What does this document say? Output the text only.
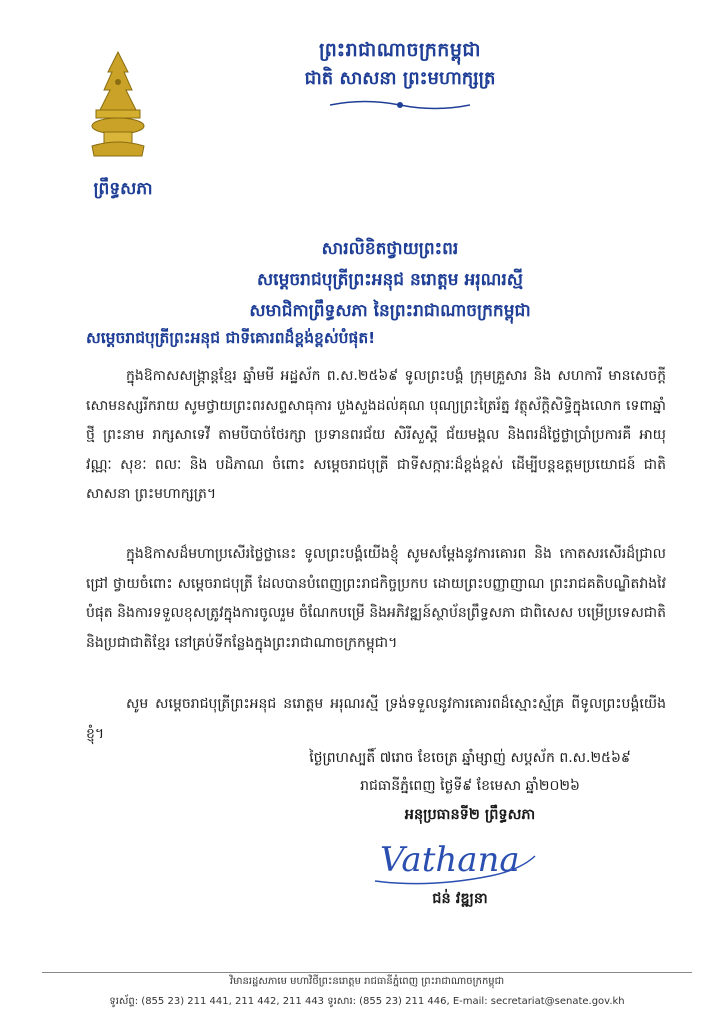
ព្រឹទ្ធសភា
ព្រះរាជាណាចក្រកម្ពុជា
ជាតិ សាសនា ព្រះមហាក្សត្រ
សារលិខិតថ្វាយព្រះពរ
សម្តេចរាជបុត្រីព្រះអនុជ នរោត្តម អរុណរស្មី
សមាជិកាព្រឹទ្ធសភា នៃព្រះរាជាណាចក្រកម្ពុជា
សម្តេចរាជបុត្រីព្រះអនុជ ជាទីគោរពដ៏ខ្ពង់ខ្ពស់បំផុត!
ក្នុងឱកាសសង្ក្រាន្តខ្មែរ ឆ្នាំមមី អដ្ឋស័ក ព.ស.២៥៦៩ ទូលព្រះបង្គំ ក្រុមគ្រួសារ និង សហការី មានសេចក្តីសោមនស្សរីករាយ សូមថ្វាយព្រះពរសព្ទសាធុការ បួងសួងដល់គុណ បុណ្យព្រះត្រៃរ័ត្ន វត្ថុស័ក្តិសិទ្ធិក្នុងលោក ទេពាឆ្នាំថ្មី ព្រះនាម រាក្សសាទេវី តាមបីបាច់ថែរក្សា ប្រទានពរជ័យ សិរីសួស្តី ជ័យមង្គល និងពរដ៏ថ្លៃថ្លាប្រាំប្រការគឺ អាយុ វណ្ណៈ សុខៈ ពលៈ និង បដិភាណ ចំពោះ សម្តេចរាជបុត្រី ជាទីសក្ការៈដ៏ខ្ពង់ខ្ពស់ ដើម្បីបន្តឧត្តមប្រយោជន៍ ជាតិ សាសនា ព្រះមហាក្សត្រ។
ក្នុងឱកាសដ៏មហាប្រសើរថ្លៃថ្លានេះ ទូលព្រះបង្គំយើងខ្ញុំ សូមសម្តែងនូវការគោរព និង កោតសរសើរដ៏ជ្រាលជ្រៅ ថ្វាយចំពោះ សម្តេចរាជបុត្រី ដែលបានបំពេញព្រះរាជកិច្ចប្រកប ដោយព្រះបញ្ញាញាណ ព្រះរាជគតិបណ្ឌិតវាងវៃបំផុត និងការទទួលខុសត្រូវក្នុងការចូលរួម ចំណែកបម្រើ និងអភិវឌ្ឍន៍ស្ថាប័នព្រឹទ្ធសភា ជាពិសេស បម្រើប្រទេសជាតិ និងប្រជាជាតិខ្មែរ នៅគ្រប់ទីកន្លែងក្នុងព្រះរាជាណាចក្រកម្ពុជា។
សូម សម្តេចរាជបុត្រីព្រះអនុជ នរោត្តម អរុណរស្មី ទ្រង់ទទួលនូវការគោរពដ៏ស្មោះស្ម័គ្រ ពីទូលព្រះបង្គំយើងខ្ញុំ។
ថ្ងៃព្រហស្បតិ៍ ៧រោច ខែចេត្រ ឆ្នាំម្សាញ់ សប្តស័ក ព.ស.២៥៦៩
រាជធានីភ្នំពេញ ថ្ងៃទី៩ ខែមេសា ឆ្នាំ២០២៦
អនុប្រធានទី២ ព្រឹទ្ធសភា
Vathana
ជន់ វឌ្ឍនា
វិមានរដ្ឋសភាមេ មហាវិថីព្រះនរោត្តម រាជធានីភ្នំពេញ ព្រះរាជាណាចក្រកម្ពុជា
ទូរស័ព្ទ: (855 23) 211 441, 211 442, 211 443 ទូរសារ: (855 23) 211 446, E-mail: secretariat@senate.gov.kh
